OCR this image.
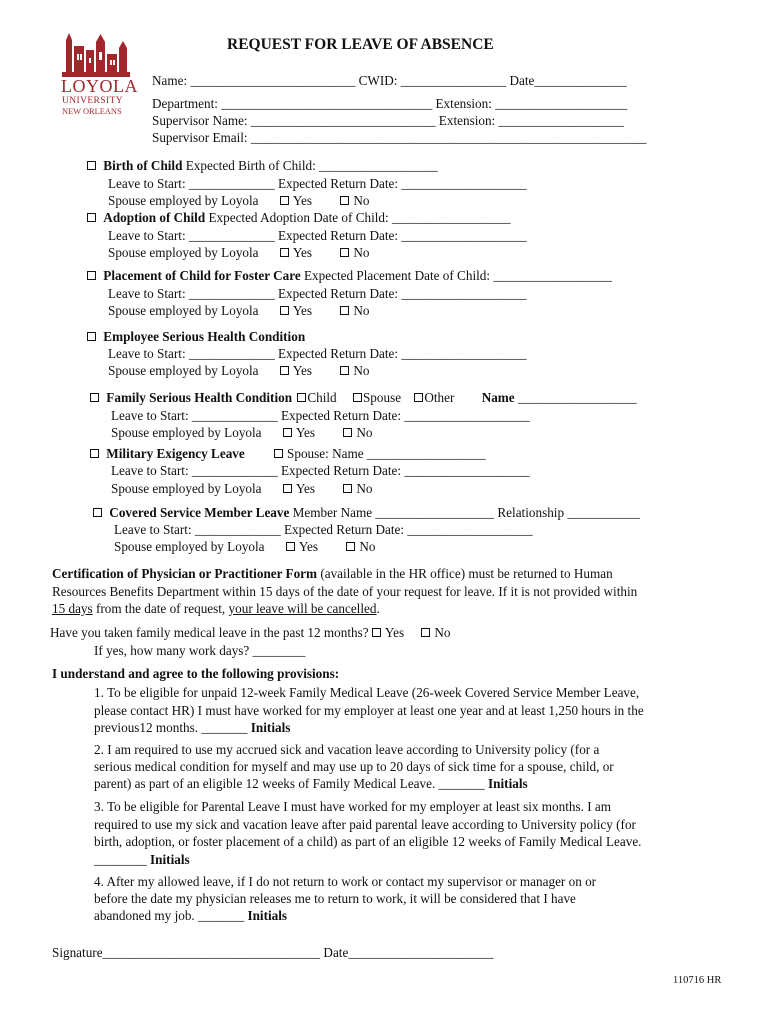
LOYOLA
UNIVERSITY
NEW ORLEANS
REQUEST FOR LEAVE OF ABSENCE
Name: _________________________ CWID: ________________ Date______________
Department: ________________________________ Extension: ____________________
Supervisor Name: ____________________________ Extension: ___________________
Supervisor Email: ____________________________________________________________
Birth of Child Expected Birth of Child: __________________
Leave to Start: _____________ Expected Return Date: ___________________
Spouse employed by Loyola	Yes	No
Adoption of Child Expected Adoption Date of Child: __________________
Leave to Start: _____________ Expected Return Date: ___________________
Spouse employed by Loyola	Yes	No
Placement of Child for Foster Care Expected Placement Date of Child: __________________
Leave to Start: _____________ Expected Return Date: ___________________
Spouse employed by Loyola	Yes	No
Employee Serious Health Condition
Leave to Start: _____________ Expected Return Date: ___________________
Spouse employed by Loyola	Yes	No
Family Serious Health Condition Child Spouse Other Name __________________
Leave to Start: _____________ Expected Return Date: ___________________
Spouse employed by Loyola	Yes	No
Military Exigency Leave	Spouse: Name __________________
Leave to Start: _____________ Expected Return Date: ___________________
Spouse employed by Loyola	Yes	No
Covered Service Member Leave Member Name __________________ Relationship ___________
Leave to Start: _____________ Expected Return Date: ___________________
Spouse employed by Loyola	Yes	No
Certification of Physician or Practitioner Form (available in the HR office) must be returned to Human
Resources Benefits Department within 15 days of the date of your request for leave. If it is not provided within
15 days from the date of request, your leave will be cancelled.
Have you taken family medical leave in the past 12 months? Yes No
If yes, how many work days? ________
I understand and agree to the following provisions:
1. To be eligible for unpaid 12-week Family Medical Leave (26-week Covered Service Member Leave,
please contact HR) I must have worked for my employer at least one year and at least 1,250 hours in the
previous12 months. _______ Initials
2. I am required to use my accrued sick and vacation leave according to University policy (for a
serious medical condition for myself and may use up to 20 days of sick time for a spouse, child, or
parent) as part of an eligible 12 weeks of Family Medical Leave. _______ Initials
3. To be eligible for Parental Leave I must have worked for my employer at least six months. I am
required to use my sick and vacation leave after paid parental leave according to University policy (for
birth, adoption, or foster placement of a child) as part of an eligible 12 weeks of Family Medical Leave.
________ Initials
4. After my allowed leave, if I do not return to work or contact my supervisor or manager on or
before the date my physician releases me to return to work, it will be considered that I have
abandoned my job. _______ Initials
Signature_________________________________ Date______________________
110716 HR
